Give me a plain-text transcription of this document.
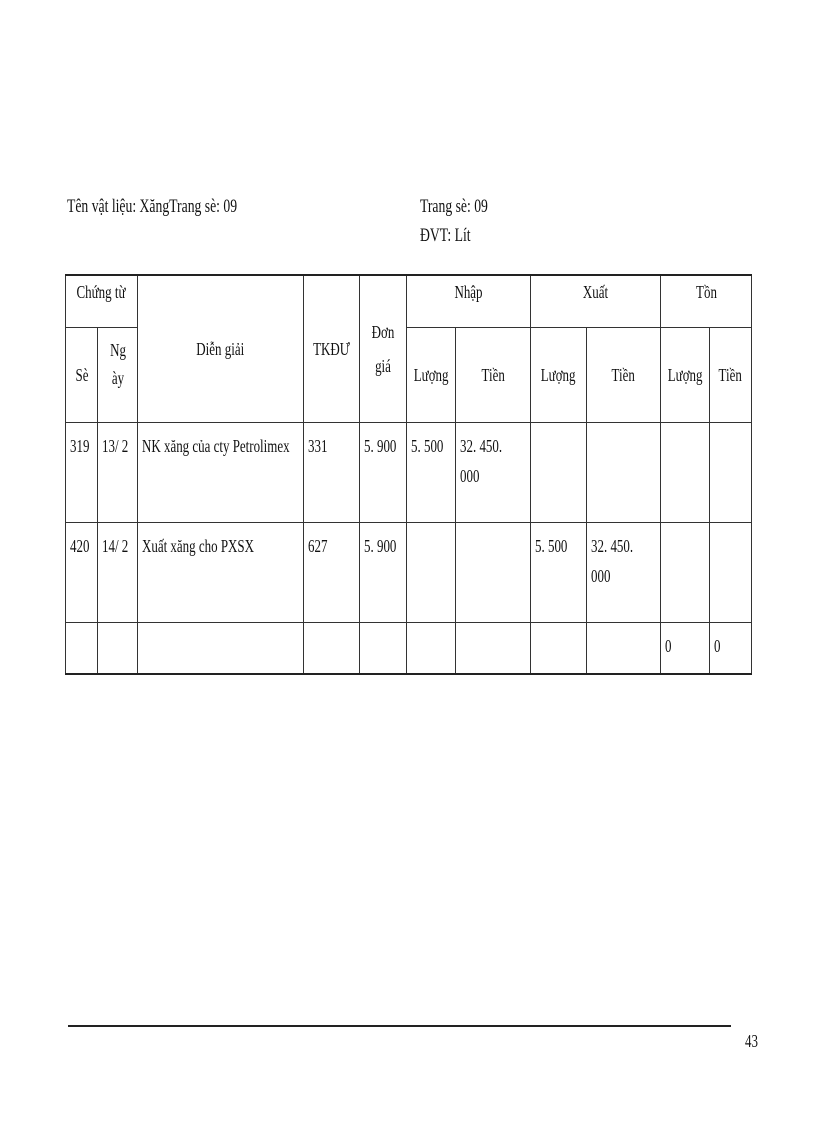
Tên vật liệu: XăngTrang sè: 09	Trang sè: 09
ĐVT: Lít
Chứng từ		Diễn giải	TKĐƯ	Đơn giá	Nhập		Xuất		Tồn	
Sè	Ngày				Lượng	Tiền	Lượng	Tiền	Lượng	Tiền
319	13/ 2	NK xăng của cty Petrolimex	331	5. 900	5. 500	32. 450. 000				

420	14/ 2	Xuất xăng cho PXSX	627	5. 900			5. 500	32. 450. 000		

									0	0
43
